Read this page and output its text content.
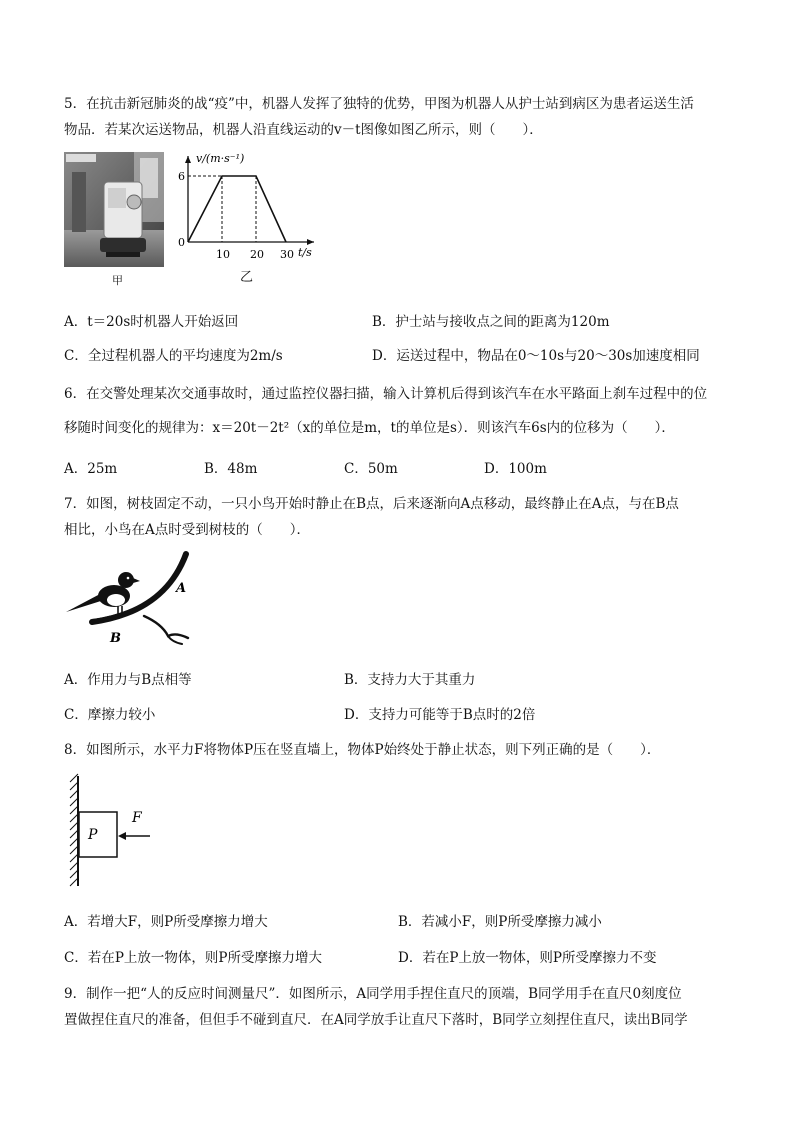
5．在抗击新冠肺炎的战“疫”中，机器人发挥了独特的优势，甲图为机器人从护士站到病区为患者运送生活
物品．若某次运送物品，机器人沿直线运动的v－t图像如图乙所示，则（　　）．
甲
v/(m·s⁻¹)
6
0
10 20 30 t/s
乙
A．t＝20s时机器人开始返回	B．护士站与接收点之间的距离为120m
C．全过程机器人的平均速度为2m/s	D．运送过程中，物品在0～10s与20～30s加速度相同
6．在交警处理某次交通事故时，通过监控仪器扫描，输入计算机后得到该汽车在水平路面上刹车过程中的位
移随时间变化的规律为：x＝20t－2t²（x的单位是m，t的单位是s）．则该汽车6s内的位移为（　　）．
A．25m	B．48m	C．50m	D．100m
7．如图，树枝固定不动，一只小鸟开始时静止在B点，后来逐渐向A点移动，最终静止在A点，与在B点
相比，小鸟在A点时受到树枝的（　　）．
A
B
A．作用力与B点相等	B．支持力大于其重力
C．摩擦力较小	D．支持力可能等于B点时的2倍
8．如图所示，水平力F将物体P压在竖直墙上，物体P始终处于静止状态，则下列正确的是（　　）．
P
F
A．若增大F，则P所受摩擦力增大	B．若减小F，则P所受摩擦力减小
C．若在P上放一物体，则P所受摩擦力增大	D．若在P上放一物体，则P所受摩擦力不变
9．制作一把“人的反应时间测量尺”．如图所示，A同学用手捏住直尺的顶端，B同学用手在直尺0刻度位
置做捏住直尺的准备，但但手不碰到直尺．在A同学放手让直尺下落时，B同学立刻捏住直尺，读出B同学
